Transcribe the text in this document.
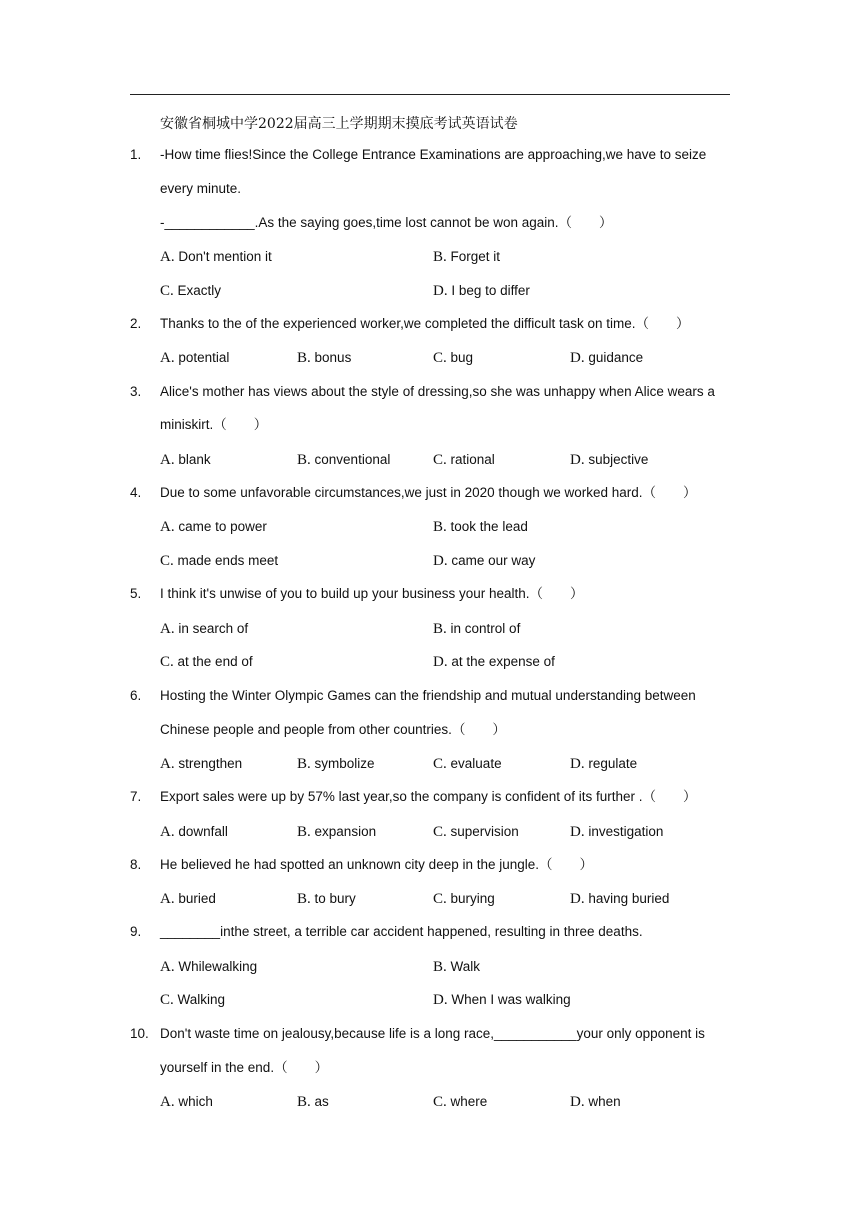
安徽省桐城中学2022届高三上学期期末摸底考试英语试卷
1. -How time flies!Since the College Entrance Examinations are approaching,we have to seize
every minute.
-____________.As the saying goes,time lost cannot be won again.（　　）
A. Don't mention it	B. Forget it
C. Exactly	D. I beg to differ
2. Thanks to the of the experienced worker,we completed the difficult task on time.（　　）
A. potential	B. bonus	C. bug	D. guidance
3. Alice's mother has views about the style of dressing,so she was unhappy when Alice wears a
miniskirt.（　　）
A. blank	B. conventional	C. rational	D. subjective
4. Due to some unfavorable circumstances,we just in 2020 though we worked hard.（　　）
A. came to power	B. took the lead
C. made ends meet	D. came our way
5. I think it's unwise of you to build up your business your health.（　　）
A. in search of	B. in control of
C. at the end of	D. at the expense of
6. Hosting the Winter Olympic Games can the friendship and mutual understanding between
Chinese people and people from other countries.（　　）
A. strengthen	B. symbolize	C. evaluate	D. regulate
7. Export sales were up by 57% last year,so the company is confident of its further .（　　）
A. downfall	B. expansion	C. supervision	D. investigation
8. He believed he had spotted an unknown city deep in the jungle.（　　）
A. buried	B. to bury	C. burying	D. having buried
9. ________inthe street, a terrible car accident happened, resulting in three deaths.
A. Whilewalking	B. Walk
C. Walking	D. When I was walking
10. Don't waste time on jealousy,because life is a long race,___________your only opponent is
yourself in the end.（　　）
A. which	B. as	C. where	D. when
